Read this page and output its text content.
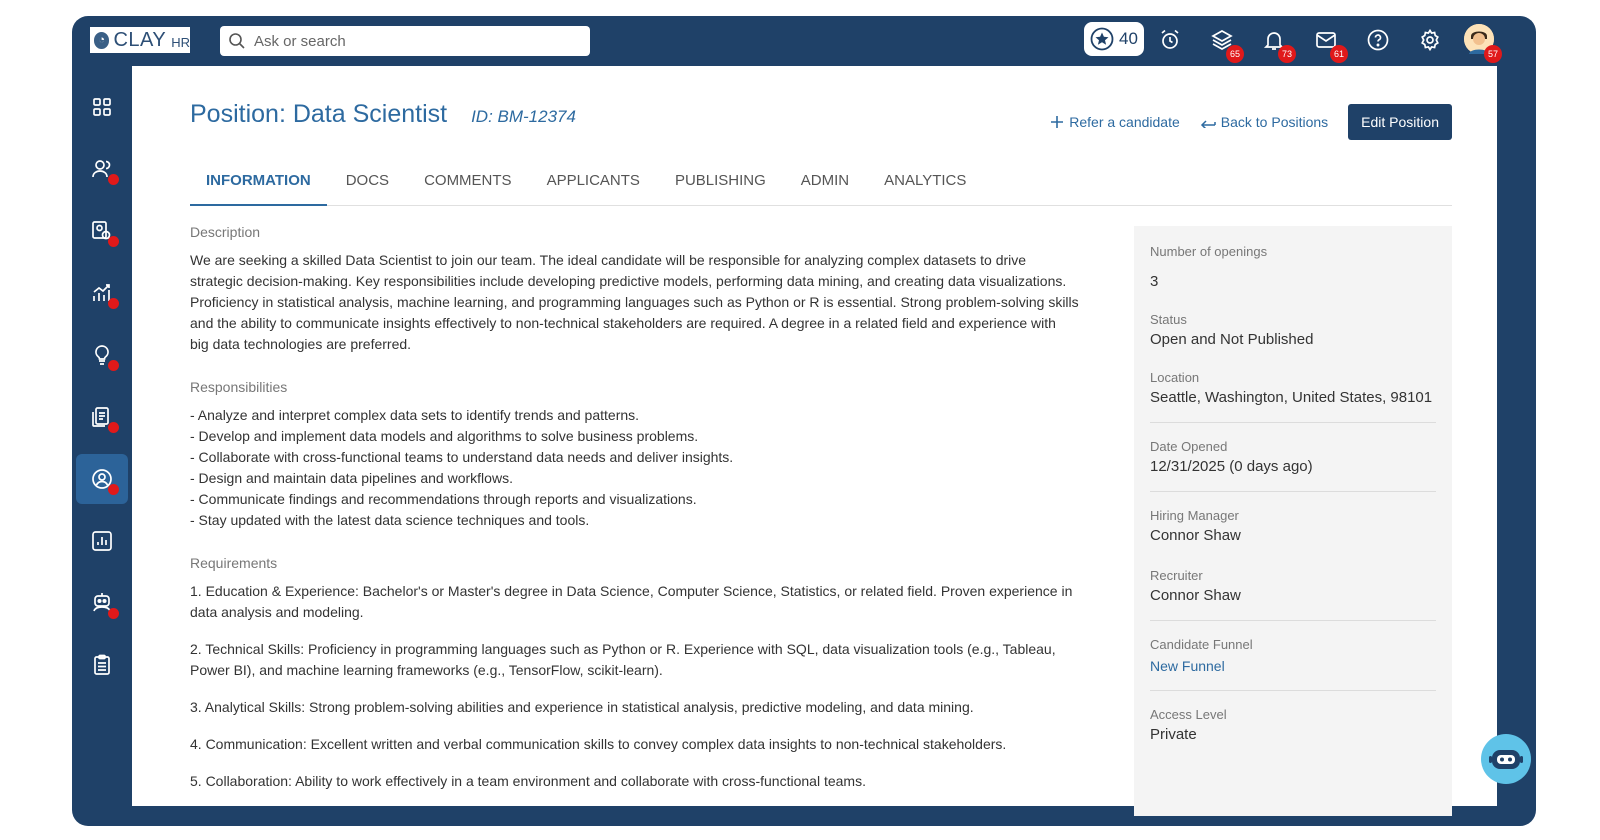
◔ CLAY HR
Ask or search	40
65	73	61	57
Position: Data Scientist ID: BM-12374	Refer a candidate	Back to Positions	Edit Position
INFORMATION	DOCS	COMMENTS	APPLICANTS	PUBLISHING	ADMIN	ANALYTICS
Description
We are seeking a skilled Data Scientist to join our team. The ideal candidate will be responsible for analyzing complex datasets to drive
strategic decision-making. Key responsibilities include developing predictive models, performing data mining, and creating data visualizations.
Proficiency in statistical analysis, machine learning, and programming languages such as Python or R is essential. Strong problem-solving skills
and the ability to communicate insights effectively to non-technical stakeholders are required. A degree in a related field and experience with
big data technologies are preferred.
Responsibilities
- Analyze and interpret complex data sets to identify trends and patterns.
- Develop and implement data models and algorithms to solve business problems.
- Collaborate with cross-functional teams to understand data needs and deliver insights.
- Design and maintain data pipelines and workflows.
- Communicate findings and recommendations through reports and visualizations.
- Stay updated with the latest data science techniques and tools.
Requirements
1. Education & Experience: Bachelor's or Master's degree in Data Science, Computer Science, Statistics, or related field. Proven experience in
data analysis and modeling.
2. Technical Skills: Proficiency in programming languages such as Python or R. Experience with SQL, data visualization tools (e.g., Tableau,
Power BI), and machine learning frameworks (e.g., TensorFlow, scikit-learn).
3. Analytical Skills: Strong problem-solving abilities and experience in statistical analysis, predictive modeling, and data mining.
4. Communication: Excellent written and verbal communication skills to convey complex data insights to non-technical stakeholders.
5. Collaboration: Ability to work effectively in a team environment and collaborate with cross-functional teams.
Number of openings
3
Status
Open and Not Published
Location
Seattle, Washington, United States, 98101
Date Opened
12/31/2025 (0 days ago)
Hiring Manager
Connor Shaw
Recruiter
Connor Shaw
Candidate Funnel
New Funnel
Access Level
Private
